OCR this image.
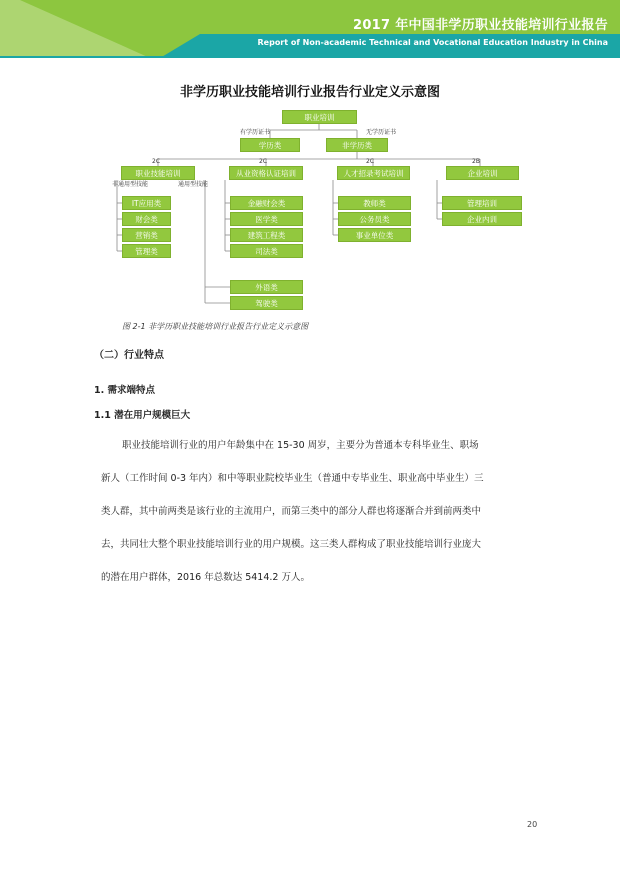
2017 年中国非学历职业技能培训行业报告
Report of Non-academic Technical and Vocational Education Industry in China
非学历职业技能培训行业报告行业定义示意图
职业培训
有学历证书	无学历证书
学历类	非学历类
2C	2C	2C	2B
职业技能培训	从业资格认证培训	人才招录考试培训	企业培训
非通用型技能	通用型技能
IT应用类
财会类
营销类
管理类
金融财会类
医学类
建筑工程类
司法类
教师类
公务员类
事业单位类
管理培训
企业内训
外语类
驾驶类
图 2-1 非学历职业技能培训行业报告行业定义示意图
（二）行业特点
1. 需求端特点
1.1 潜在用户规模巨大
职业技能培训行业的用户年龄集中在 15-30 周岁，主要分为普通本专科毕业生、职场
新人（工作时间 0-3 年内）和中等职业院校毕业生（普通中专毕业生、职业高中毕业生）三
类人群，其中前两类是该行业的主流用户，而第三类中的部分人群也将逐渐合并到前两类中
去，共同壮大整个职业技能培训行业的用户规模。这三类人群构成了职业技能培训行业庞大
的潜在用户群体，2016 年总数达 5414.2 万人。
20
